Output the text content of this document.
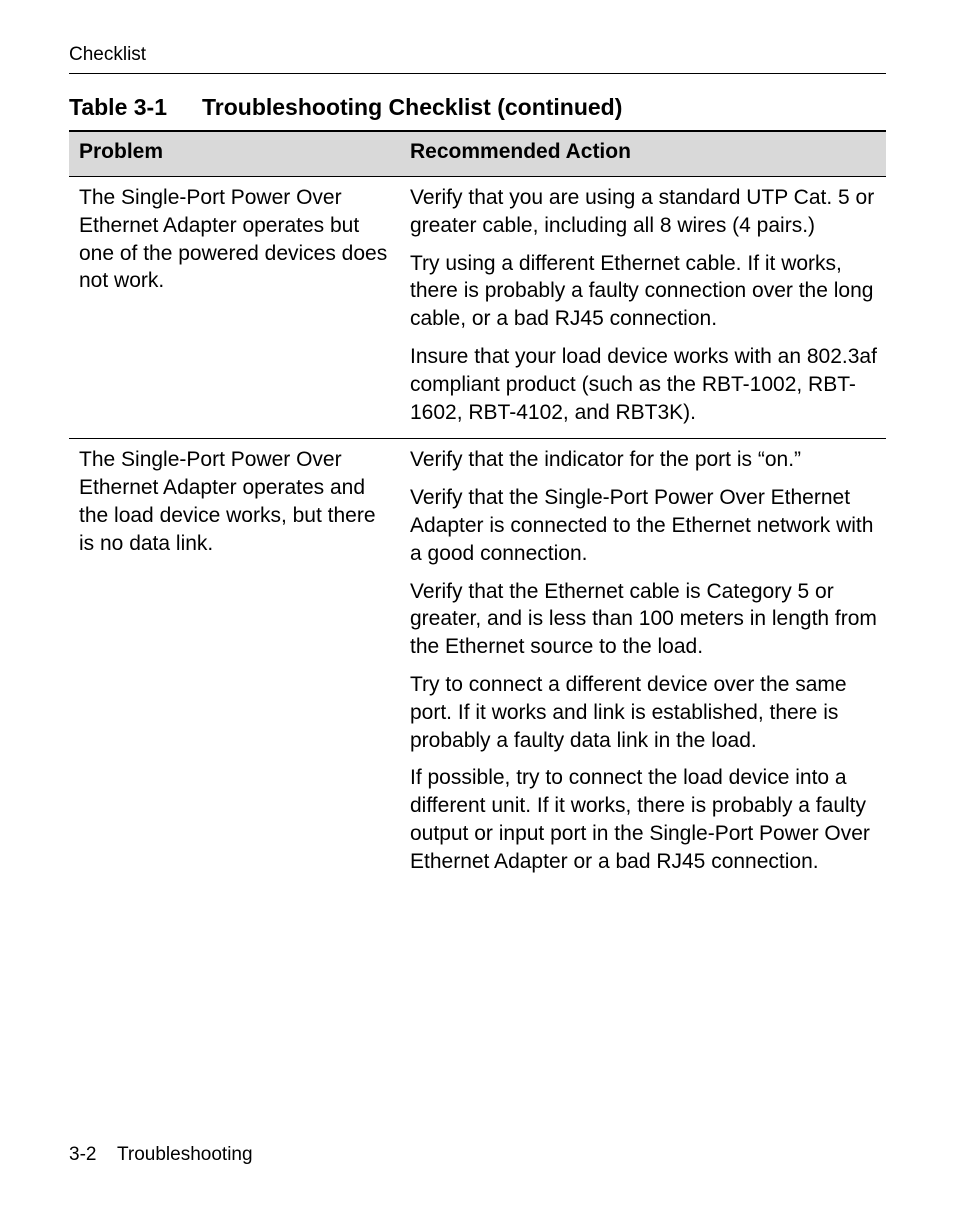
Checklist
Table 3-1 Troubleshooting Checklist (continued)
Problem	Recommended Action
The Single-Port Power Over Ethernet Adapter operates but one of the powered devices does not work.

Verify that you are using a standard UTP Cat. 5 or greater cable, including all 8 wires (4 pairs.)

Try using a different Ethernet cable. If it works, there is probably a faulty connection over the long cable, or a bad RJ45 connection.

Insure that your load device works with an 802.3af compliant product (such as the RBT-1002, RBT-1602, RBT-4102, and RBT3K).

The Single-Port Power Over Ethernet Adapter operates and the load device works, but there is no data link.

Verify that the indicator for the port is “on.”

Verify that the Single-Port Power Over Ethernet Adapter is connected to the Ethernet network with a good connection.

Verify that the Ethernet cable is Category 5 or greater, and is less than 100 meters in length from the Ethernet source to the load.

Try to connect a different device over the same port. If it works and link is established, there is probably a faulty data link in the load.

If possible, try to connect the load device into a different unit. If it works, there is probably a faulty output or input port in the Single-Port Power Over Ethernet Adapter or a bad RJ45 connection.

3-2 Troubleshooting
